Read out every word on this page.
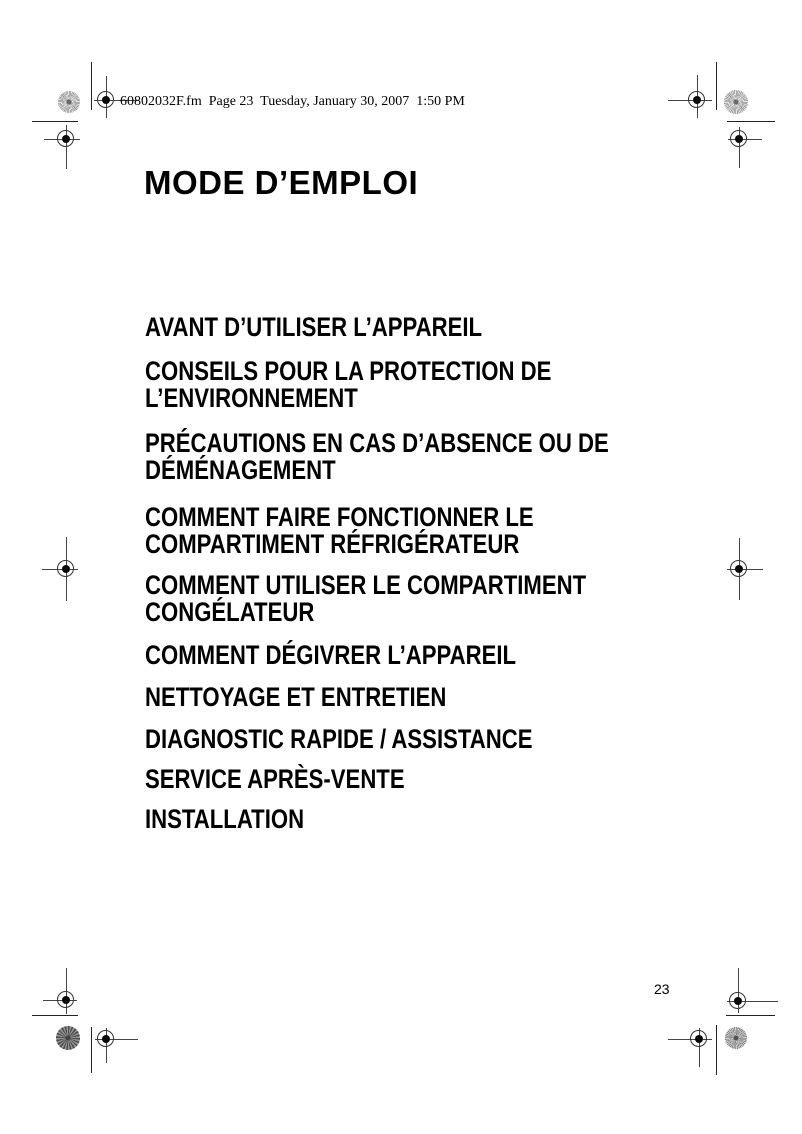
60802032F.fm  Page 23  Tuesday, January 30, 2007  1:50 PM
MODE D’EMPLOI
AVANT D’UTILISER L’APPAREIL
CONSEILS POUR LA PROTECTION DE
L’ENVIRONNEMENT
PRÉCAUTIONS EN CAS D’ABSENCE OU DE
DÉMÉNAGEMENT
COMMENT FAIRE FONCTIONNER LE
COMPARTIMENT RÉFRIGÉRATEUR
COMMENT UTILISER LE COMPARTIMENT
CONGÉLATEUR
COMMENT DÉGIVRER L’APPAREIL
NETTOYAGE ET ENTRETIEN
DIAGNOSTIC RAPIDE / ASSISTANCE
SERVICE APRÈS-VENTE
INSTALLATION
23
